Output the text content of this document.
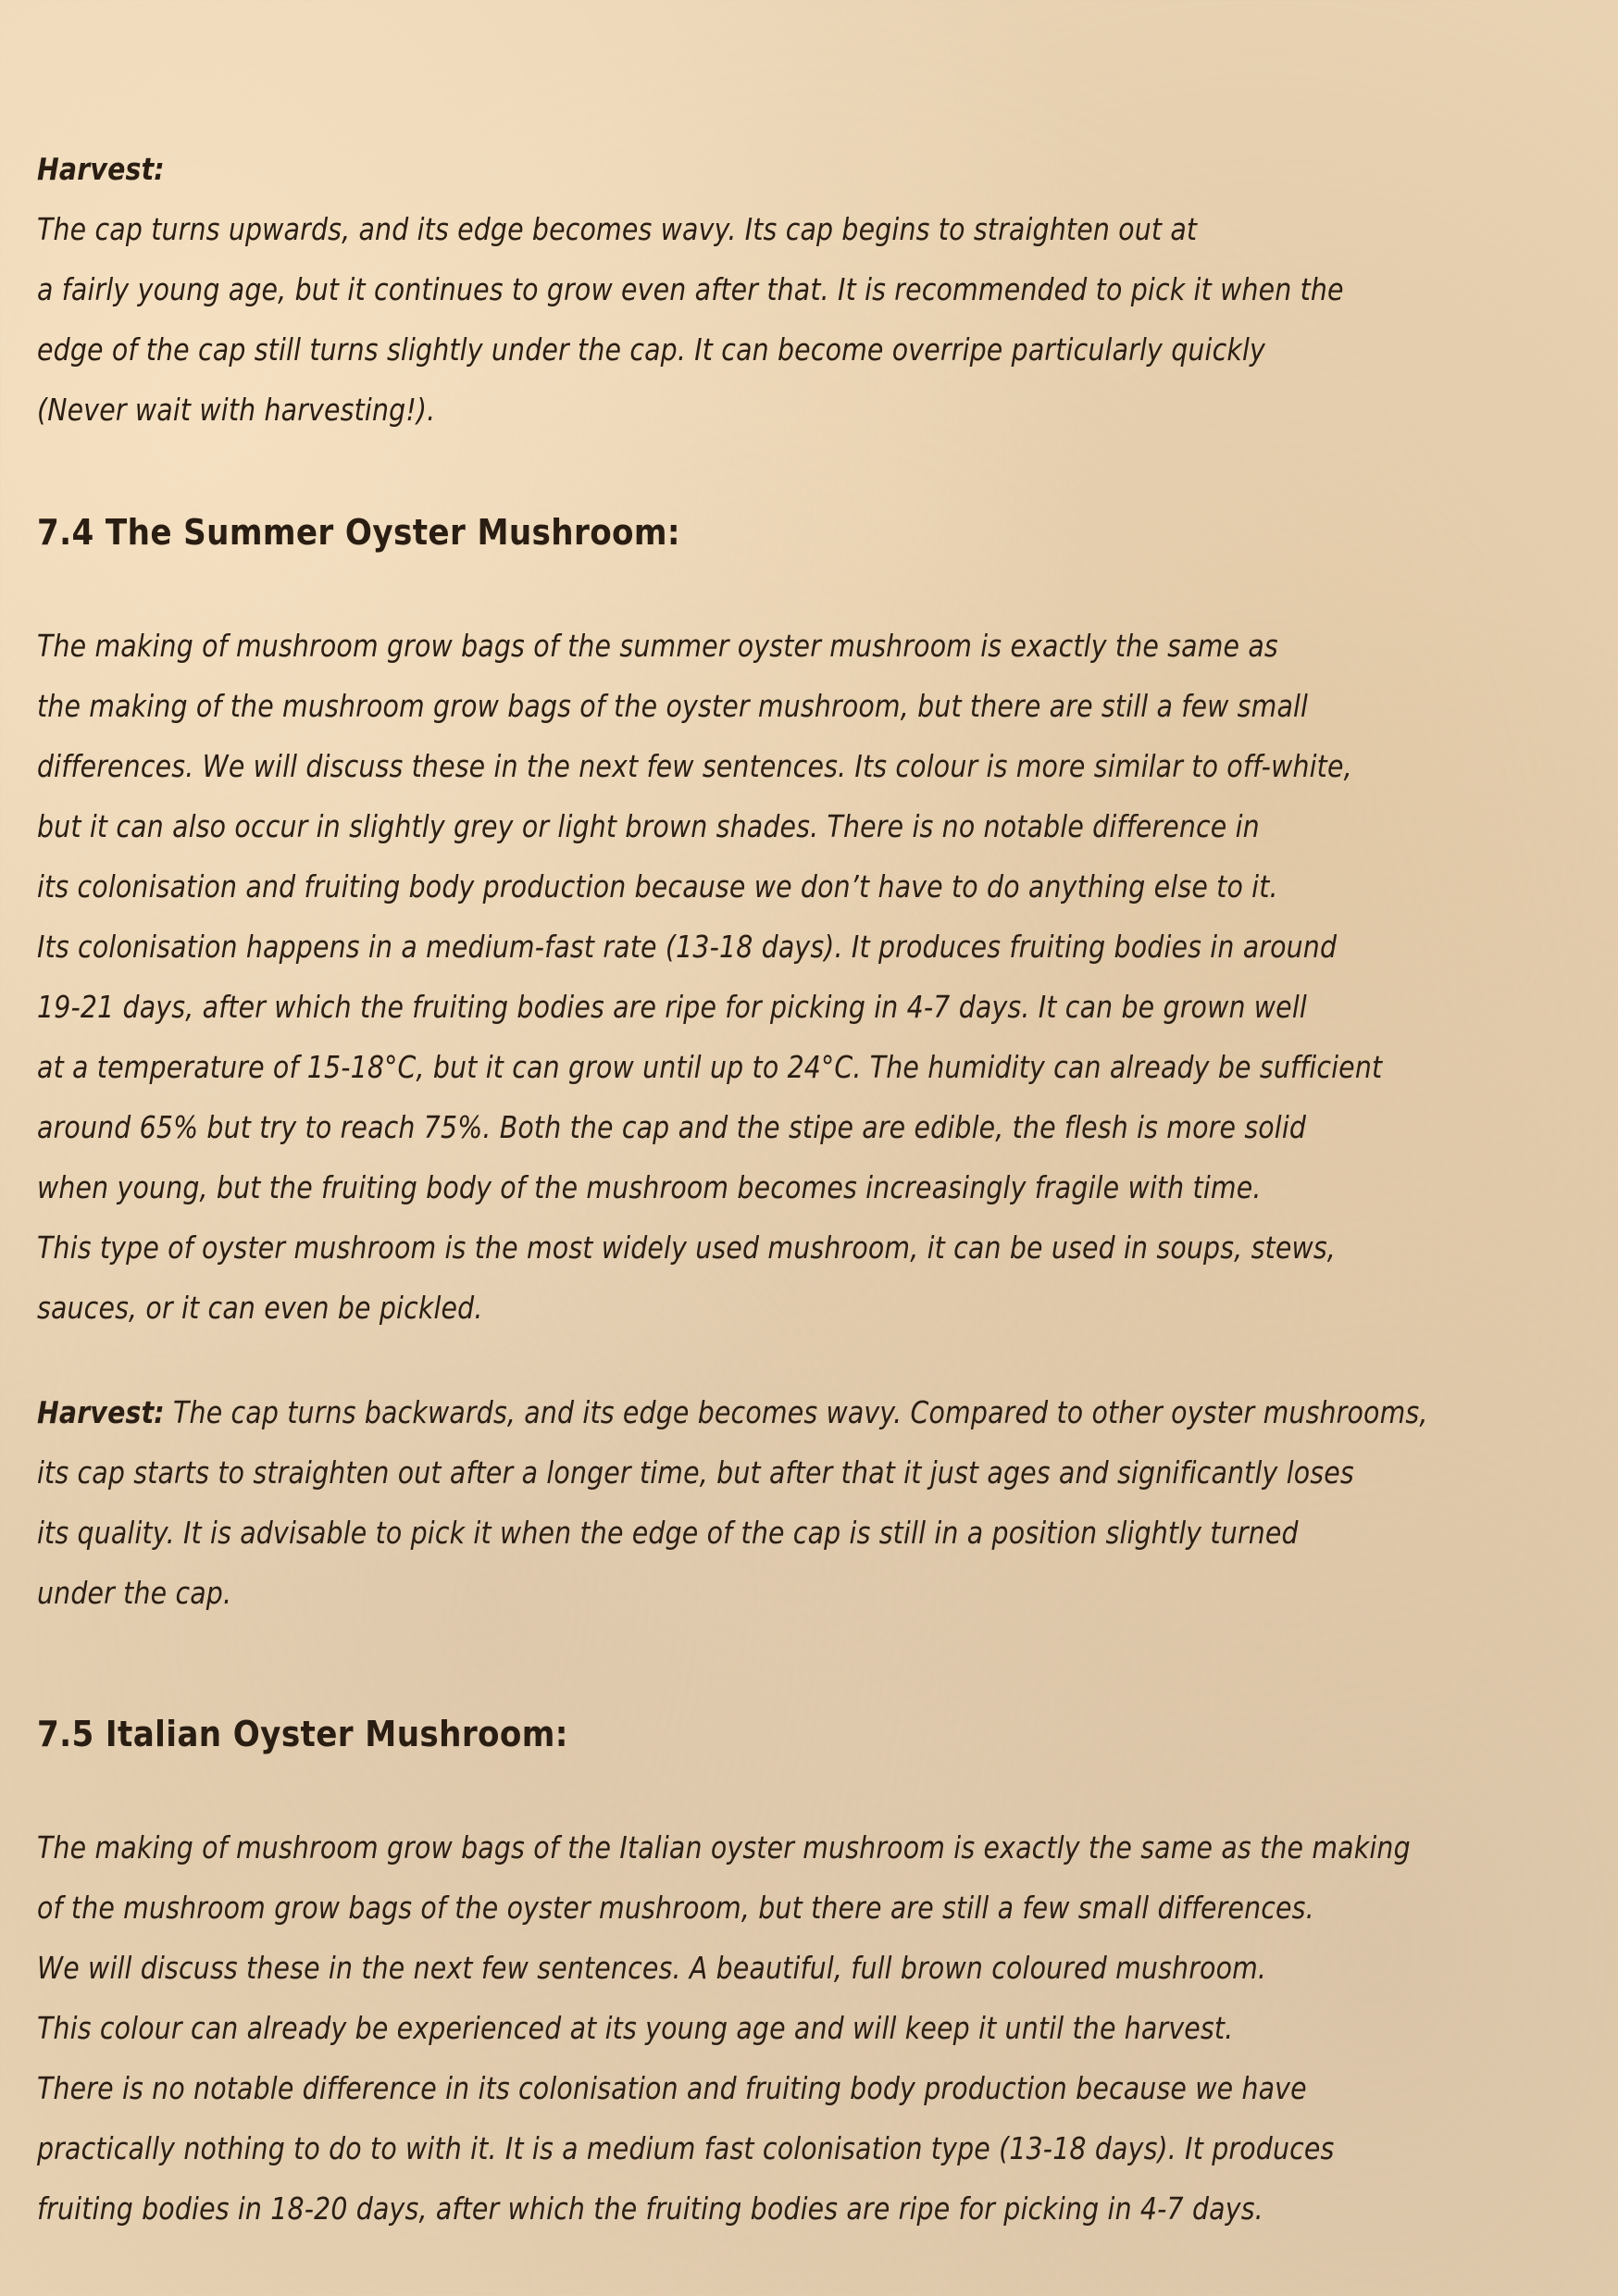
Harvest:

The cap turns upwards, and its edge becomes wavy. Its cap begins to straighten out at
a fairly young age, but it continues to grow even after that. It is recommended to pick it when the
edge of the cap still turns slightly under the cap. It can become overripe particularly quickly
(Never wait with harvesting!).

7.4 The Summer Oyster Mushroom:

The making of mushroom grow bags of the summer oyster mushroom is exactly the same as
the making of the mushroom grow bags of the oyster mushroom, but there are still a few small
differences. We will discuss these in the next few sentences. Its colour is more similar to off-white,
but it can also occur in slightly grey or light brown shades. There is no notable difference in
its colonisation and fruiting body production because we don’t have to do anything else to it.
Its colonisation happens in a medium-fast rate (13-18 days). It produces fruiting bodies in around
19-21 days, after which the fruiting bodies are ripe for picking in 4-7 days. It can be grown well
at a temperature of 15-18°C, but it can grow until up to 24°C. The humidity can already be sufficient
around 65% but try to reach 75%. Both the cap and the stipe are edible, the flesh is more solid
when young, but the fruiting body of the mushroom becomes increasingly fragile with time.
This type of oyster mushroom is the most widely used mushroom, it can be used in soups, stews,
sauces, or it can even be pickled.

Harvest: The cap turns backwards, and its edge becomes wavy. Compared to other oyster mushrooms,
its cap starts to straighten out after a longer time, but after that it just ages and significantly loses
its quality. It is advisable to pick it when the edge of the cap is still in a position slightly turned
under the cap.

7.5 Italian Oyster Mushroom:

The making of mushroom grow bags of the Italian oyster mushroom is exactly the same as the making
of the mushroom grow bags of the oyster mushroom, but there are still a few small differences.
We will discuss these in the next few sentences. A beautiful, full brown coloured mushroom.
This colour can already be experienced at its young age and will keep it until the harvest.
There is no notable difference in its colonisation and fruiting body production because we have
practically nothing to do to with it. It is a medium fast colonisation type (13-18 days). It produces
fruiting bodies in 18-20 days, after which the fruiting bodies are ripe for picking in 4-7 days.
